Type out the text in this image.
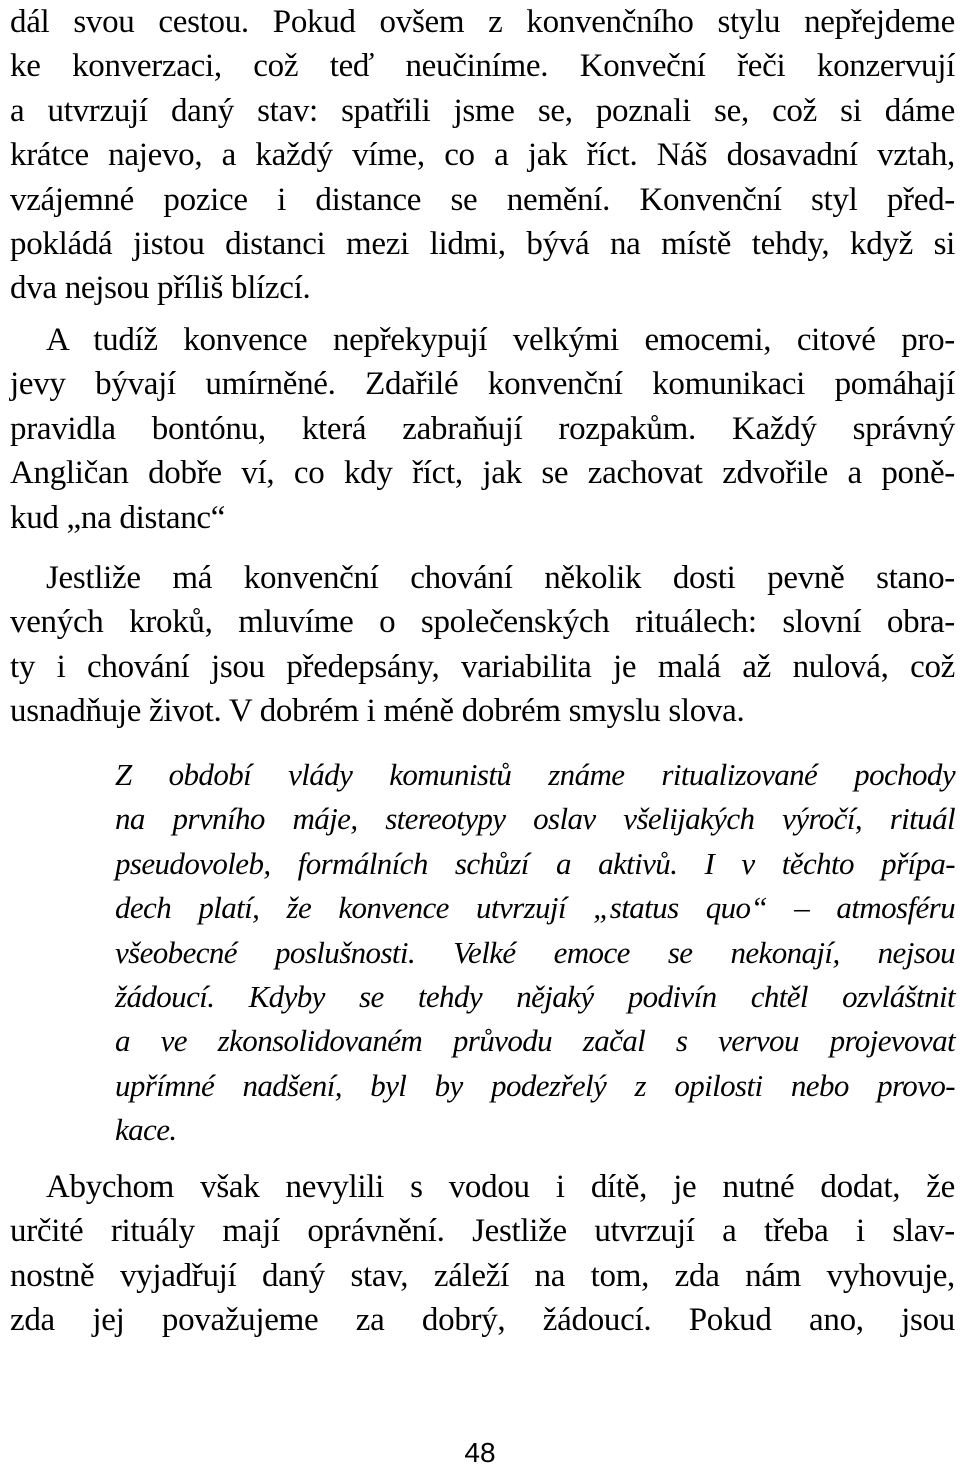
dál svou cestou. Pokud ovšem z konvenčního stylu nepřejdeme
ke konverzaci, což teď neučiníme. Konveční řeči konzervují
a utvrzují daný stav: spatřili jsme se, poznali se, což si dáme
krátce najevo, a každý víme, co a jak říct. Náš dosavadní vztah,
vzájemné pozice i distance se nemění. Konvenční styl před-
pokládá jistou distanci mezi lidmi, bývá na místě tehdy, když si
dva nejsou příliš blízcí.
A tudíž konvence nepřekypují velkými emocemi, citové pro-
jevy bývají umírněné. Zdařilé konvenční komunikaci pomáhají
pravidla bontónu, která zabraňují rozpakům. Každý správný
Angličan dobře ví, co kdy říct, jak se zachovat zdvořile a poně-
kud „na distanc“
Jestliže má konvenční chování několik dosti pevně stano-
vených kroků, mluvíme o společenských rituálech: slovní obra-
ty i chování jsou předepsány, variabilita je malá až nulová, což
usnadňuje život. V dobrém i méně dobrém smyslu slova.
Z období vlády komunistů známe ritualizované pochody
na prvního máje, stereotypy oslav všelijakých výročí, rituál
pseudovoleb, formálních schůzí a aktivů. I v těchto přípa-
dech platí, že konvence utvrzují „status quo“ – atmosféru
všeobecné poslušnosti. Velké emoce se nekonají, nejsou
žádoucí. Kdyby se tehdy nějaký podivín chtěl ozvláštnit
a ve zkonsolidovaném průvodu začal s vervou projevovat
upřímné nadšení, byl by podezřelý z opilosti nebo provo-
kace.
Abychom však nevylili s vodou i dítě, je nutné dodat, že
určité rituály mají oprávnění. Jestliže utvrzují a třeba i slav-
nostně vyjadřují daný stav, záleží na tom, zda nám vyhovuje,
zda jej považujeme za dobrý, žádoucí. Pokud ano, jsou
48
